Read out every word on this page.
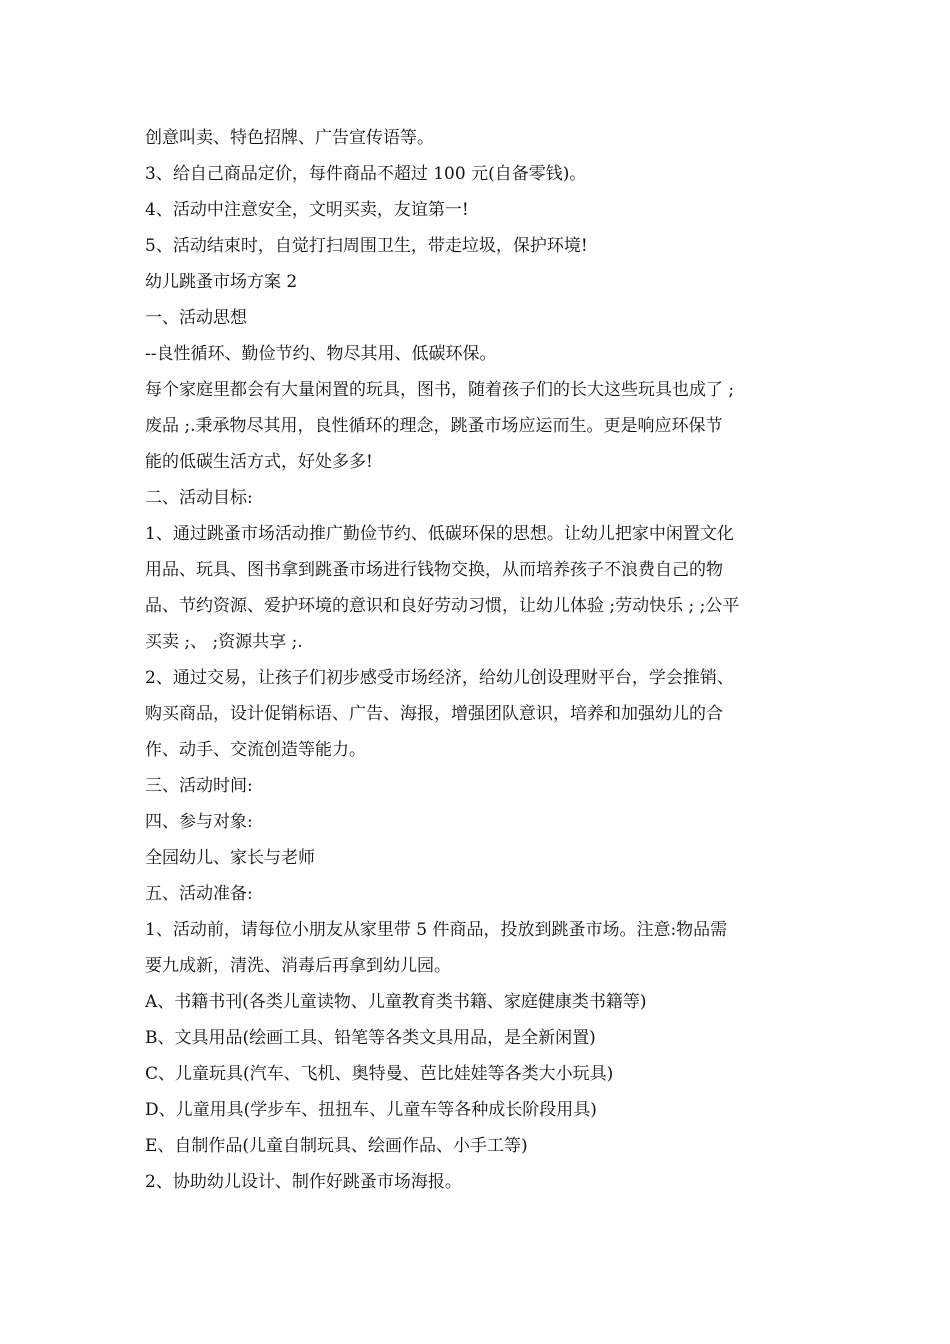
创意叫卖、特色招牌、广告宣传语等。
3、给自己商品定价，每件商品不超过 100 元(自备零钱)。
4、活动中注意安全，文明买卖，友谊第一!
5、活动结束时，自觉打扫周围卫生，带走垃圾，保护环境!
幼儿跳蚤市场方案 2
一、活动思想
--良性循环、勤俭节约、物尽其用、低碳环保。
每个家庭里都会有大量闲置的玩具，图书，随着孩子们的长大这些玩具也成了 ;
废品 ;.秉承物尽其用，良性循环的理念，跳蚤市场应运而生。更是响应环保节
能的低碳生活方式，好处多多!
二、活动目标:
1、通过跳蚤市场活动推广勤俭节约、低碳环保的思想。让幼儿把家中闲置文化
用品、玩具、图书拿到跳蚤市场进行钱物交换，从而培养孩子不浪费自己的物
品、节约资源、爱护环境的意识和良好劳动习惯，让幼儿体验 ;劳动快乐 ; ;公平
买卖 ;、 ;资源共享 ;.
2、通过交易，让孩子们初步感受市场经济，给幼儿创设理财平台，学会推销、
购买商品，设计促销标语、广告、海报，增强团队意识，培养和加强幼儿的合
作、动手、交流创造等能力。
三、活动时间:
四、参与对象:
全园幼儿、家长与老师
五、活动准备:
1、活动前，请每位小朋友从家里带 5 件商品，投放到跳蚤市场。注意:物品需
要九成新，清洗、消毒后再拿到幼儿园。
A、书籍书刊(各类儿童读物、儿童教育类书籍、家庭健康类书籍等)
B、文具用品(绘画工具、铅笔等各类文具用品，是全新闲置)
C、儿童玩具(汽车、飞机、奥特曼、芭比娃娃等各类大小玩具)
D、儿童用具(学步车、扭扭车、儿童车等各种成长阶段用具)
E、自制作品(儿童自制玩具、绘画作品、小手工等)
2、协助幼儿设计、制作好跳蚤市场海报。
